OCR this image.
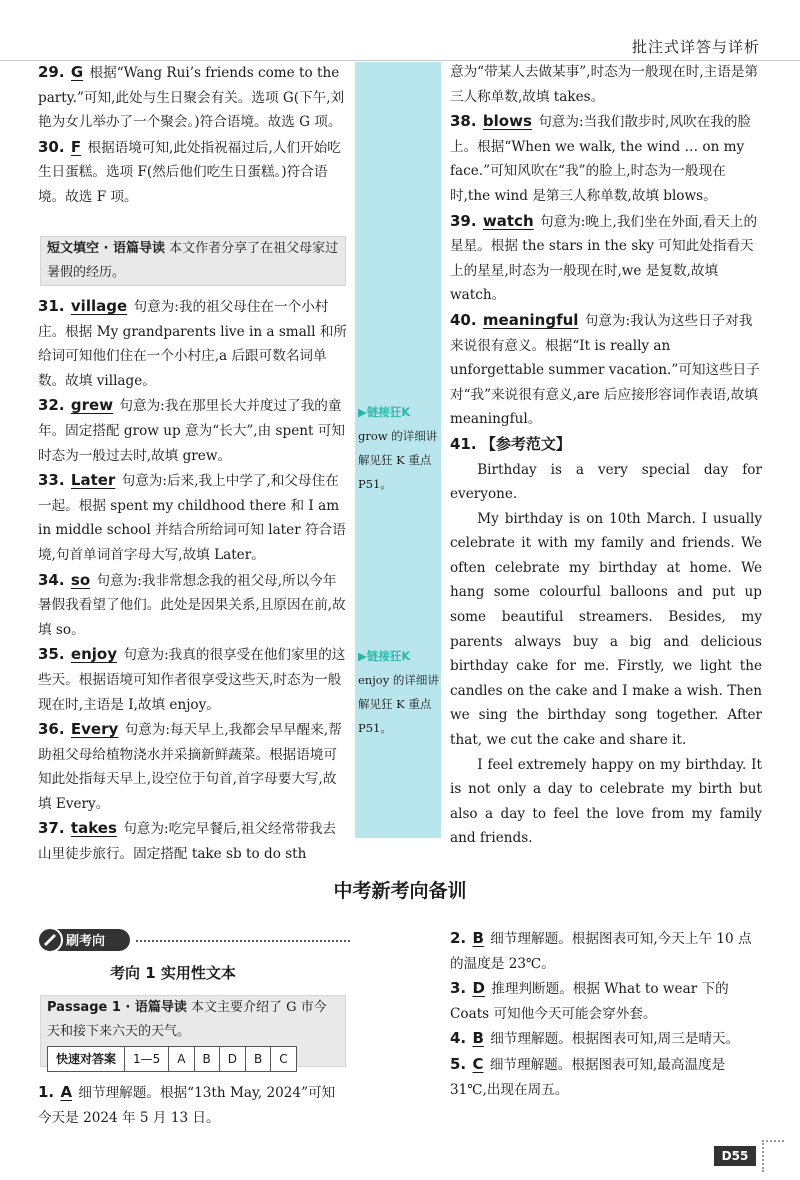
批注式详答与详析

29. G 根据“Wang Rui’s friends come to the party.”可知,此处与生日聚会有关。选项 G(下午,刘艳为女儿举办了一个聚会。)符合语境。故选 G 项。

30. F 根据语境可知,此处指祝福过后,人们开始吃生日蛋糕。选项 F(然后他们吃生日蛋糕。)符合语境。故选 F 项。

短文填空 · 语篇导读 本文作者分享了在祖父母家过暑假的经历。

31. village 句意为:我的祖父母住在一个小村庄。根据 My grandparents live in a small 和所给词可知他们住在一个小村庄,a 后跟可数名词单数。故填 village。

32. grew 句意为:我在那里长大并度过了我的童年。固定搭配 grow up 意为“长大”,由 spent 可知时态为一般过去时,故填 grew。

33. Later 句意为:后来,我上中学了,和父母住在一起。根据 spent my childhood there 和 I am in middle school 并结合所给词可知 later 符合语境,句首单词首字母大写,故填 Later。

34. so 句意为:我非常想念我的祖父母,所以今年暑假我看望了他们。此处是因果关系,且原因在前,故填 so。

35. enjoy 句意为:我真的很享受在他们家里的这些天。根据语境可知作者很享受这些天,时态为一般现在时,主语是 I,故填 enjoy。

36. Every 句意为:每天早上,我都会早早醒来,帮助祖父母给植物浇水并采摘新鲜蔬菜。根据语境可知此处指每天早上,设空位于句首,首字母要大写,故填 Every。

37. takes 句意为:吃完早餐后,祖父经常带我去山里徒步旅行。固定搭配 take sb to do sth

▶链接狂K
grow 的详细讲解见狂 K 重点 P51。
▶链接狂K
enjoy 的详细讲解见狂 K 重点 P51。

意为“带某人去做某事”,时态为一般现在时,主语是第三人称单数,故填 takes。

38. blows 句意为:当我们散步时,风吹在我的脸上。根据“When we walk, the wind … on my face.”可知风吹在“我”的脸上,时态为一般现在时,the wind 是第三人称单数,故填 blows。

39. watch 句意为:晚上,我们坐在外面,看天上的星星。根据 the stars in the sky 可知此处指看天上的星星,时态为一般现在时,we 是复数,故填 watch。

40. meaningful 句意为:我认为这些日子对我来说很有意义。根据“It is really an unforgettable summer vacation.”可知这些日子对“我”来说很有意义,are 后应接形容词作表语,故填 meaningful。

41. 【参考范文】

Birthday is a very special day for everyone.

My birthday is on 10th March. I usually celebrate it with my family and friends. We often celebrate my birthday at home. We hang some colourful balloons and put up some beautiful streamers. Besides, my parents always buy a big and delicious birthday cake for me. Firstly, we light the candles on the cake and I make a wish. Then we sing the birthday song together. After that, we cut the cake and share it.

I feel extremely happy on my birthday. It is not only a day to celebrate my birth but also a day to feel the love from my family and friends.

中考新考向备训
刷考向
考向 1 实用性文本
Passage 1 · 语篇导读 本文主要介绍了 G 市今天和接下来六天的天气。
快速对答案	1—5	A	B	D	B	C

1. A 细节理解题。根据“13th May, 2024”可知今天是 2024 年 5 月 13 日。

2. B 细节理解题。根据图表可知,今天上午 10 点的温度是 23℃。

3. D 推理判断题。根据 What to wear 下的 Coats 可知他今天可能会穿外套。

4. B 细节理解题。根据图表可知,周三是晴天。

5. C 细节理解题。根据图表可知,最高温度是 31℃,出现在周五。

D55
